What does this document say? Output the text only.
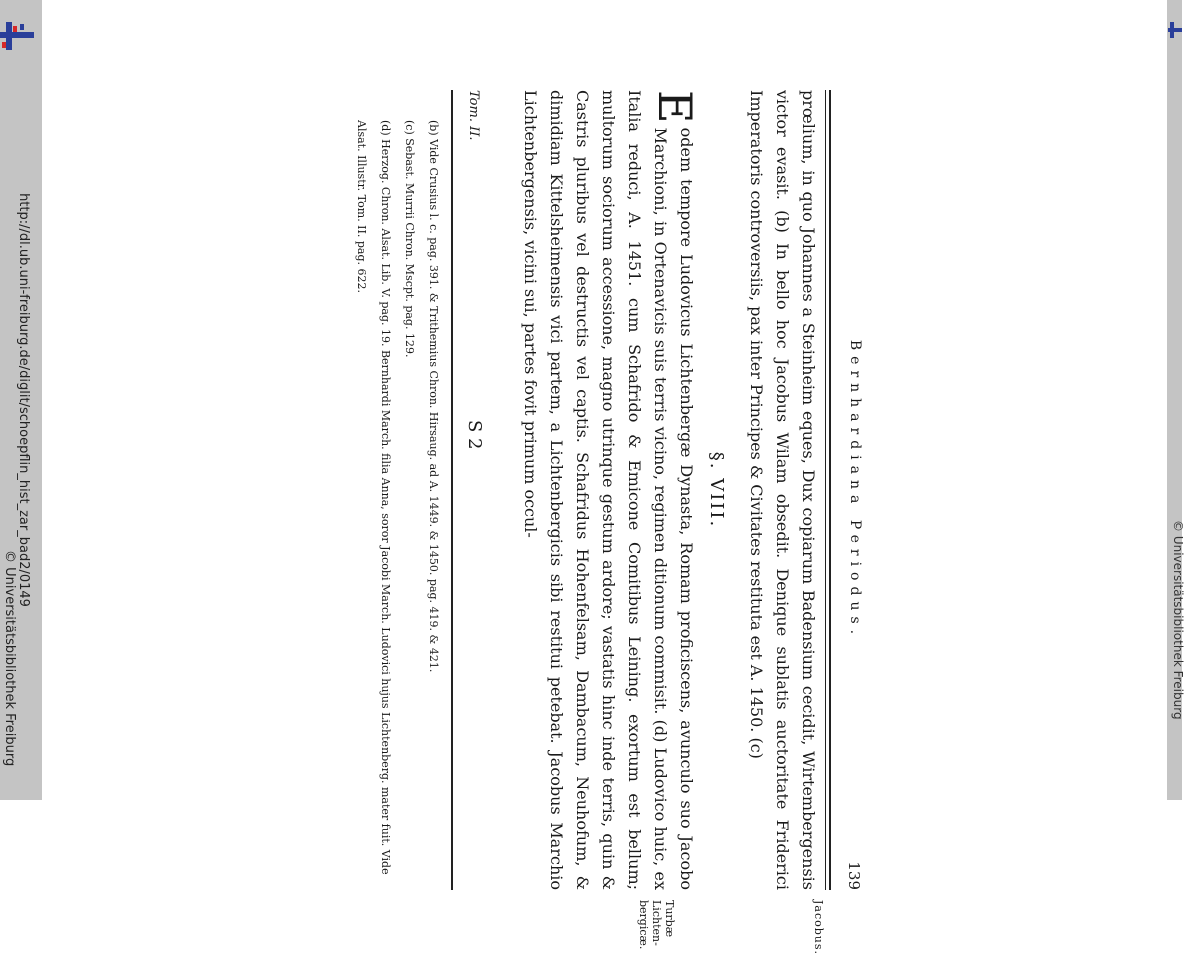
http://dl.ub.uni-freiburg.de/diglit/schoepflin_hist_zar_bad2/0149
© Universitätsbibliothek Freiburg	© Universitätsbibliothek Freiburg
Bernhardiana Periodus.
139
Jacobus.
Turbæ Lichten-bergicæ.

prœlium, in quo Johannes a Steinheim eques, Dux copiarum Badensium cecidit, Wirtembergensis victor evasit. (b) In bello hoc Jacobus Wilam obsedit. Denique sublatis auctoritate Friderici Imperatoris controversiis, pax inter Principes & Civitates restituta est A. 1450. (c)

§. VIII.

E
odem tempore Ludovicus Lichtenbergæ Dynasta, Romam proficiscens, avunculo suo Jacobo Marchioni, in Ortenavicis suis terris vicino, regimen ditionum commisit. (d) Ludovico huic, ex Italia reduci, A. 1451. cum Schafrido & Emicone Comitibus Leining. exortum est bellum; multorum sociorum accessione, magno utrinque gestum ardore; vastatis hinc inde terris, quin & Castris pluribus vel destructis vel captis. Schafridus Hohenfelsam, Dambacum, Neuhofum, & dimidiam Kittelsheimensis vici partem, a Lichtenbergicis sibi restitui petebat. Jacobus Marchio Lichtenbergensis, vicini sui, partes fovit primum occul-

Tom. II.
S 2

(b) Vide Crusius l. c. pag. 391. & Trithemius Chron. Hirsaug. ad A. 1449. & 1450. pag. 419. & 421.

(c) Sebast. Murrii Chron. Mscpt. pag. 129.

(d) Herzog. Chron. Alsat. Lib. V. pag. 19. Bernhardi March. filia Anna, soror Jacobi March. Ludovici hujus Lichtenberg. mater fuit. Vide Alsat. Illustr. Tom. II. pag. 622.
